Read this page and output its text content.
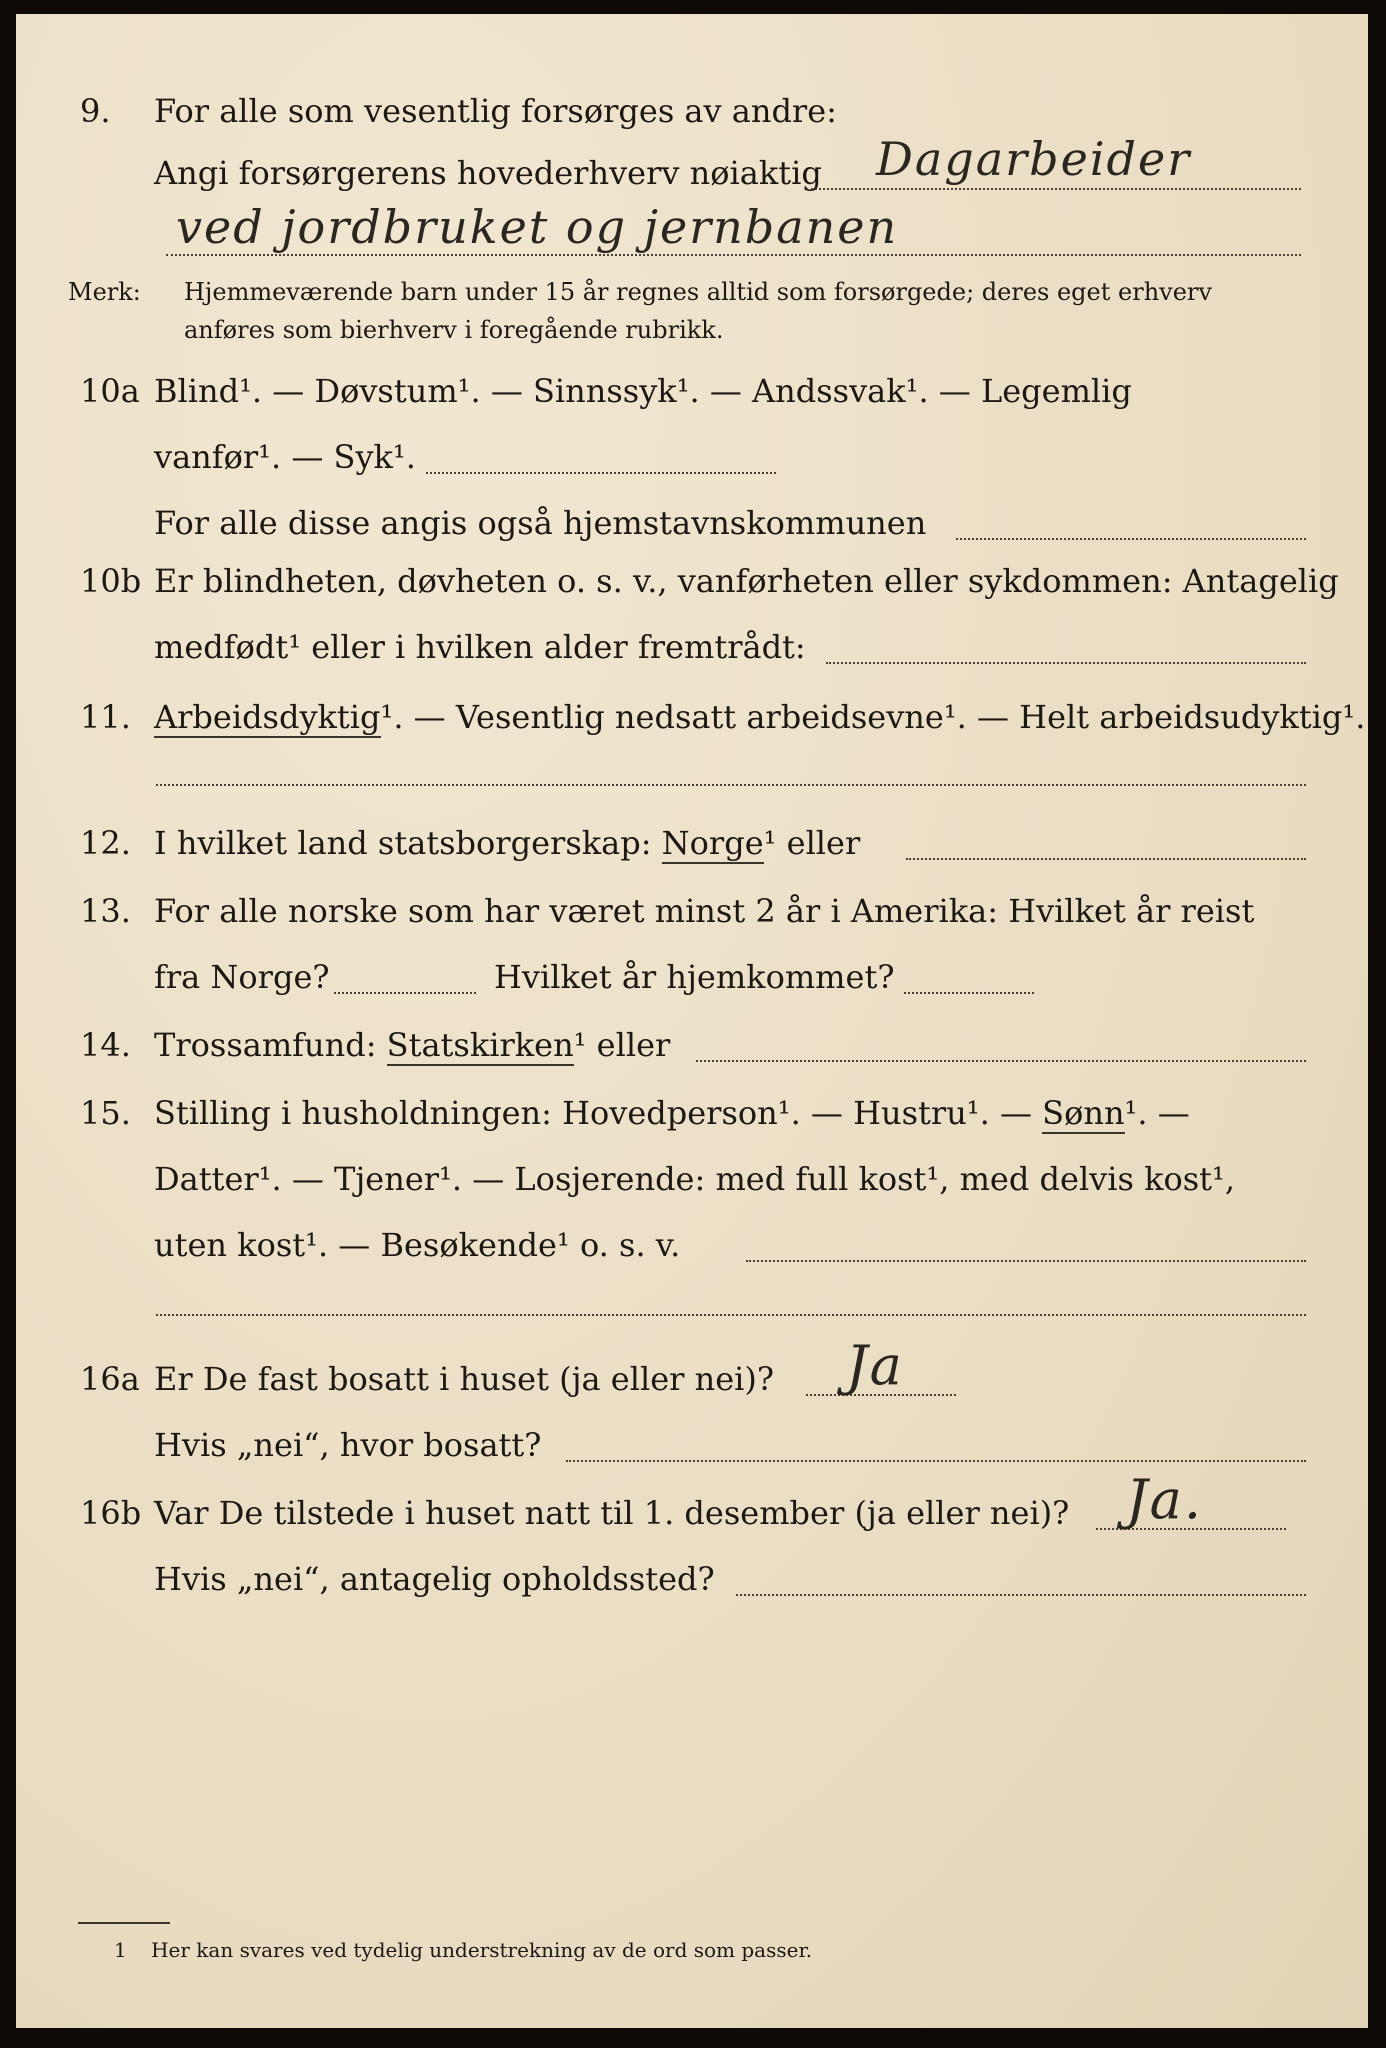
9.	For alle som vesentlig forsørges av andre:
Angi forsørgerens hovederhverv nøiaktig Dagarbeider
ved jordbruket og jernbanen
Merk: Hjemmeværende barn under 15 år regnes alltid som forsørgede; deres eget erhverv
anføres som bierhverv i foregående rubrikk.
10a Blind¹. — Døvstum¹. — Sinnssyk¹. — Andssvak¹. — Legemlig
vanfør¹. — Syk¹.
For alle disse angis også hjemstavnskommunen
10b Er blindheten, døvheten o. s. v., vanførheten eller sykdommen: Antagelig
medfødt¹ eller i hvilken alder fremtrådt:
11. Arbeidsdyktig¹. — Vesentlig nedsatt arbeidsevne¹. — Helt arbeidsudyktig¹.
12. I hvilket land statsborgerskap: Norge¹ eller
13. For alle norske som har været minst 2 år i Amerika: Hvilket år reist
fra Norge?	Hvilket år hjemkommet?
14. Trossamfund: Statskirken¹ eller
15. Stilling i husholdningen: Hovedperson¹. — Hustru¹. — Sønn¹. —
Datter¹. — Tjener¹. — Losjerende: med full kost¹, med delvis kost¹,
uten kost¹. — Besøkende¹ o. s. v.
16a Er De fast bosatt i huset (ja eller nei)? Ja
Hvis „nei“, hvor bosatt?
16b Var De tilstede i huset natt til 1. desember (ja eller nei)? Ja.
Hvis „nei“, antagelig opholdssted?
1 Her kan svares ved tydelig understrekning av de ord som passer.
